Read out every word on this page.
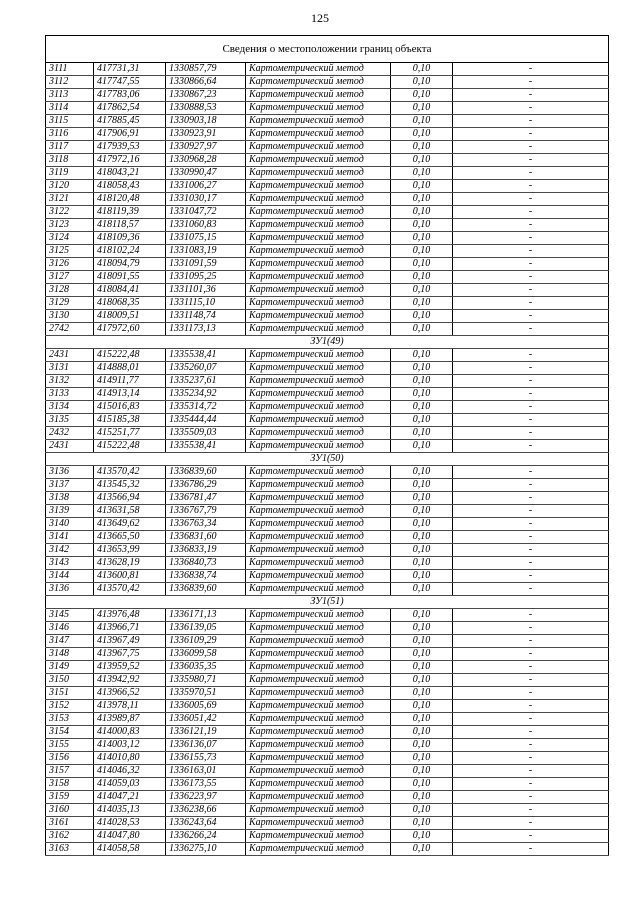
125
Сведения о местоположении границ объекта					
3111	417731,31	1330857,79	Картометрический метод	0,10	-
3112	417747,55	1330866,64	Картометрический метод	0,10	-
3113	417783,06	1330867,23	Картометрический метод	0,10	-
3114	417862,54	1330888,53	Картометрический метод	0,10	-
3115	417885,45	1330903,18	Картометрический метод	0,10	-
3116	417906,91	1330923,91	Картометрический метод	0,10	-
3117	417939,53	1330927,97	Картометрический метод	0,10	-
3118	417972,16	1330968,28	Картометрический метод	0,10	-
3119	418043,21	1330990,47	Картометрический метод	0,10	-
3120	418058,43	1331006,27	Картометрический метод	0,10	-
3121	418120,48	1331030,17	Картометрический метод	0,10	-
3122	418119,39	1331047,72	Картометрический метод	0,10	-
3123	418118,57	1331060,83	Картометрический метод	0,10	-
3124	418109,36	1331075,15	Картометрический метод	0,10	-
3125	418102,24	1331083,19	Картометрический метод	0,10	-
3126	418094,79	1331091,59	Картометрический метод	0,10	-
3127	418091,55	1331095,25	Картометрический метод	0,10	-
3128	418084,41	1331101,36	Картометрический метод	0,10	-
3129	418068,35	1331115,10	Картометрический метод	0,10	-
3130	418009,51	1331148,74	Картометрический метод	0,10	-
2742	417972,60	1331173,13	Картометрический метод	0,10	-
ЗУ1(49)					
2431	415222,48	1335538,41	Картометрический метод	0,10	-
3131	414888,01	1335260,07	Картометрический метод	0,10	-
3132	414911,77	1335237,61	Картометрический метод	0,10	-
3133	414913,14	1335234,92	Картометрический метод	0,10	-
3134	415016,83	1335314,72	Картометрический метод	0,10	-
3135	415185,38	1335444,44	Картометрический метод	0,10	-
2432	415251,77	1335509,03	Картометрический метод	0,10	-
2431	415222,48	1335538,41	Картометрический метод	0,10	-
ЗУ1(50)					
3136	413570,42	1336839,60	Картометрический метод	0,10	-
3137	413545,32	1336786,29	Картометрический метод	0,10	-
3138	413566,94	1336781,47	Картометрический метод	0,10	-
3139	413631,58	1336767,79	Картометрический метод	0,10	-
3140	413649,62	1336763,34	Картометрический метод	0,10	-
3141	413665,50	1336831,60	Картометрический метод	0,10	-
3142	413653,99	1336833,19	Картометрический метод	0,10	-
3143	413628,19	1336840,73	Картометрический метод	0,10	-
3144	413600,81	1336838,74	Картометрический метод	0,10	-
3136	413570,42	1336839,60	Картометрический метод	0,10	-
ЗУ1(51)					
3145	413976,48	1336171,13	Картометрический метод	0,10	-
3146	413966,71	1336139,05	Картометрический метод	0,10	-
3147	413967,49	1336109,29	Картометрический метод	0,10	-
3148	413967,75	1336099,58	Картометрический метод	0,10	-
3149	413959,52	1336035,35	Картометрический метод	0,10	-
3150	413942,92	1335980,71	Картометрический метод	0,10	-
3151	413966,52	1335970,51	Картометрический метод	0,10	-
3152	413978,11	1336005,69	Картометрический метод	0,10	-
3153	413989,87	1336051,42	Картометрический метод	0,10	-
3154	414000,83	1336121,19	Картометрический метод	0,10	-
3155	414003,12	1336136,07	Картометрический метод	0,10	-
3156	414010,80	1336155,73	Картометрический метод	0,10	-
3157	414046,32	1336163,01	Картометрический метод	0,10	-
3158	414059,03	1336173,55	Картометрический метод	0,10	-
3159	414047,21	1336223,97	Картометрический метод	0,10	-
3160	414035,13	1336238,66	Картометрический метод	0,10	-
3161	414028,53	1336243,64	Картометрический метод	0,10	-
3162	414047,80	1336266,24	Картометрический метод	0,10	-
3163	414058,58	1336275,10	Картометрический метод	0,10	-
